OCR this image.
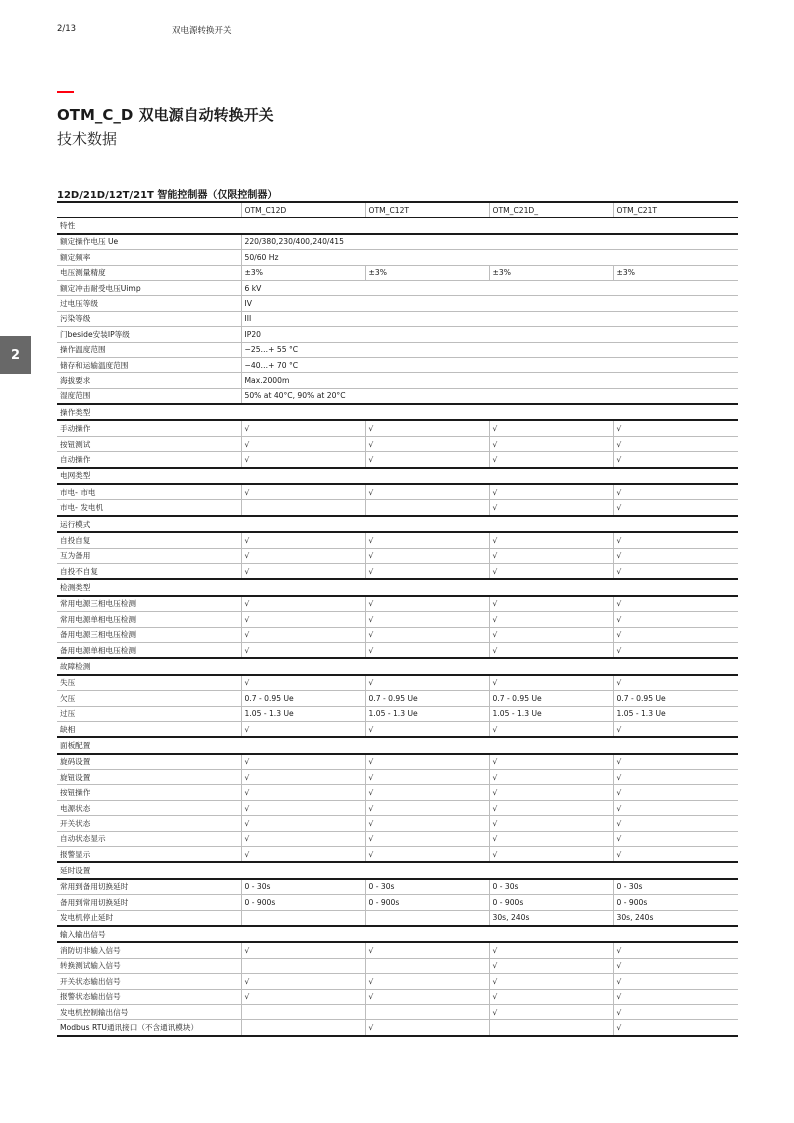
2/13	双电源转换开关
OTM_C_D 双电源自动转换开关
技术数据
2
12D/21D/12T/21T 智能控制器（仅限控制器）
	OTM_C12D	OTM_C12T	OTM_C21D_	OTM_C21T
特性				
额定操作电压 Ue	220/380,230/400,240/415			
额定频率	50/60 Hz			
电压测量精度	±3%	±3%	±3%	±3%
额定冲击耐受电压Uimp	6 kV			
过电压等级	IV			
污染等级	III			
门beside安装IP等级	IP20			
操作温度范围	−25…+ 55 °C			
储存和运输温度范围	−40…+ 70 °C			
海拔要求	Max.2000m			
湿度范围	50% at 40°C, 90% at 20°C			
操作类型				
手动操作	√	√	√	√
按钮测试	√	√	√	√
自动操作	√	√	√	√
电网类型				
市电- 市电	√	√	√	√
市电- 发电机			√	√
运行模式				
自投自复	√	√	√	√
互为备用	√	√	√	√
自投不自复	√	√	√	√
检测类型				
常用电源三相电压检测	√	√	√	√
常用电源单相电压检测	√	√	√	√
备用电源三相电压检测	√	√	√	√
备用电源单相电压检测	√	√	√	√
故障检测				
失压	√	√	√	√
欠压	0.7 - 0.95 Ue	0.7 - 0.95 Ue	0.7 - 0.95 Ue	0.7 - 0.95 Ue
过压	1.05 - 1.3 Ue	1.05 - 1.3 Ue	1.05 - 1.3 Ue	1.05 - 1.3 Ue
缺相	√	√	√	√
面板配置				
旋码设置	√	√	√	√
旋钮设置	√	√	√	√
按钮操作	√	√	√	√
电源状态	√	√	√	√
开关状态	√	√	√	√
自动状态显示	√	√	√	√
报警显示	√	√	√	√
延时设置				
常用到备用切换延时	0 - 30s	0 - 30s	0 - 30s	0 - 30s
备用到常用切换延时	0 - 900s	0 - 900s	0 - 900s	0 - 900s
发电机停止延时			30s, 240s	30s, 240s
输入输出信号				
消防切非输入信号	√	√	√	√
转换测试输入信号			√	√
开关状态输出信号	√	√	√	√
报警状态输出信号	√	√	√	√
发电机控制输出信号			√	√
Modbus RTU通讯接口（不含通讯模块）		√		√
